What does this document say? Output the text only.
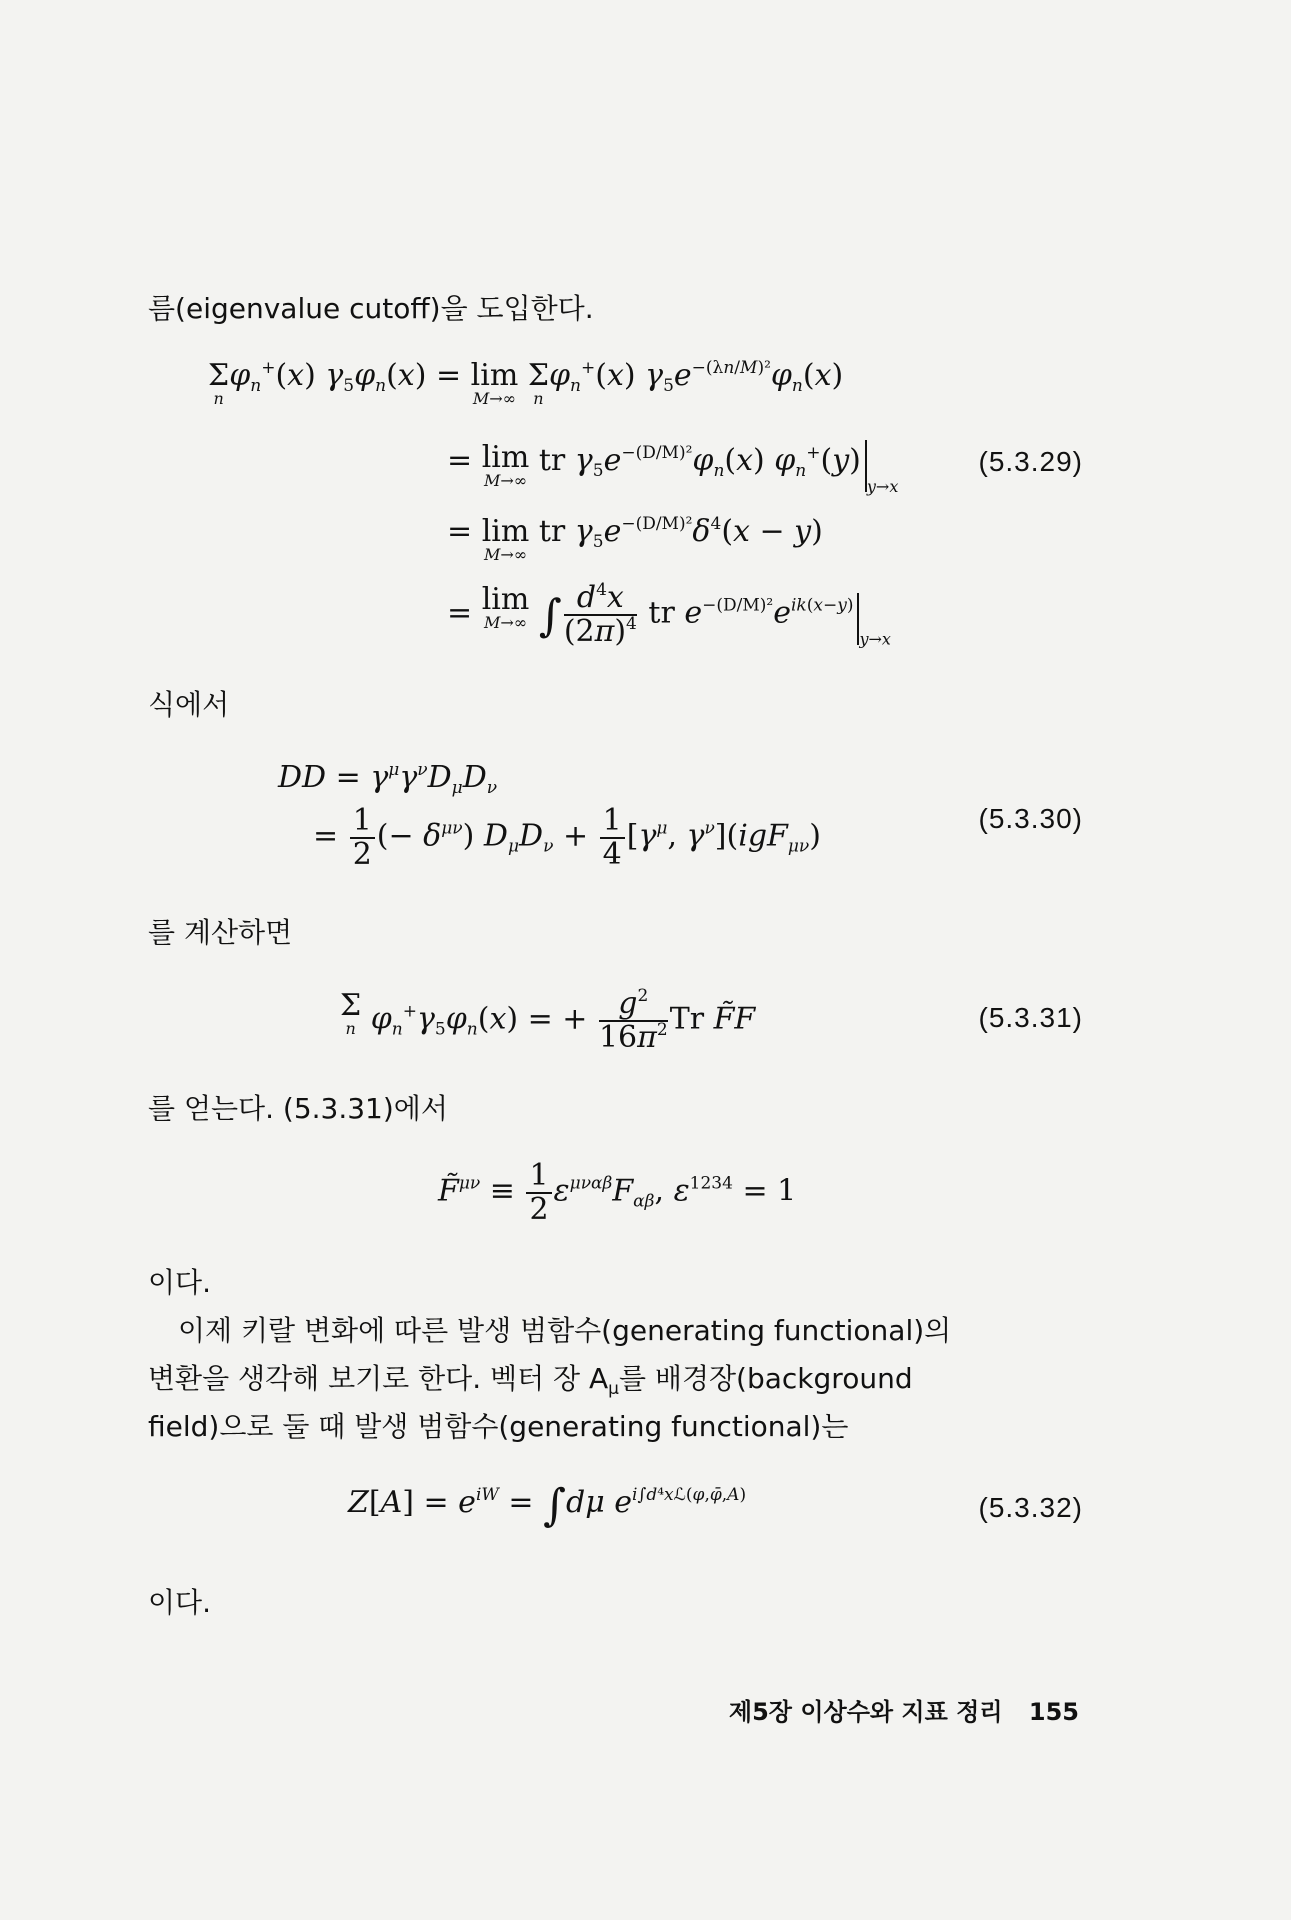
름(eigenvalue cutoff)을 도입한다.
Σ
n
$\varphi_n^+(x) \gamma_5\varphi_n(x) = \lim$
M→∞
Σ
n
$\varphi_n^+(x)$ $\gamma_5e^{-(\lambda n/M)^2}\varphi_n(x)$
= lim
M→∞
tr $\gamma_5e^{-(D/M)^2}\varphi_n(x)$ $\varphi_n^+(y)_{y\to x}$
(5.3.29)
= lim
M→∞
tr $\gamma_5e^{-(D/M)^2}\delta^4(x - y)$
= lim
M→∞ ∫ $\frac{d^4x}{(2\pi)^4}$ tr $e^{-(D/M)^2}e^{ik(x-y)}_{y\to x}$
식에서
DD = $\gamma^\mu\gamma^\nu D_\mu D_\nu$
= $\frac{1}{2}$ (− $\delta^{\mu\nu}$) $D_\mu D_\nu + \frac{1}{4} [\gamma^\mu$, $\gamma^\nu](igF_{\mu\nu})$	(5.3.30)
를 계산하면
Σ
n $\varphi_n^+\gamma_5\varphi_n(x)$ = + $\frac{g^2}{16\pi^2}$ Tr F̃F	(5.3.31)
를 얻는다. (5.3.31)에서
F̃$^{\mu\nu}$ ≡ $\frac{1}{2} \varepsilon^{\mu\nu\alpha\beta}F_{\alpha\beta}$, $\varepsilon^{1234} = 1$
이다.
이제 키랄 변화에 따른 발생 범함수(generating functional)의
변환을 생각해 보기로 한다. 벡터 장 $A_\mu$를 배경장(background
field)으로 둘 때 발생 범함수(generating functional)는
$Z[A] = e^{iW} = \int d\mu$ $e^{i\int d^4xℒ(\varphi,\varphī,A)}$	(5.3.32)
이다.
제5장 이상수와 지표 정리 155
